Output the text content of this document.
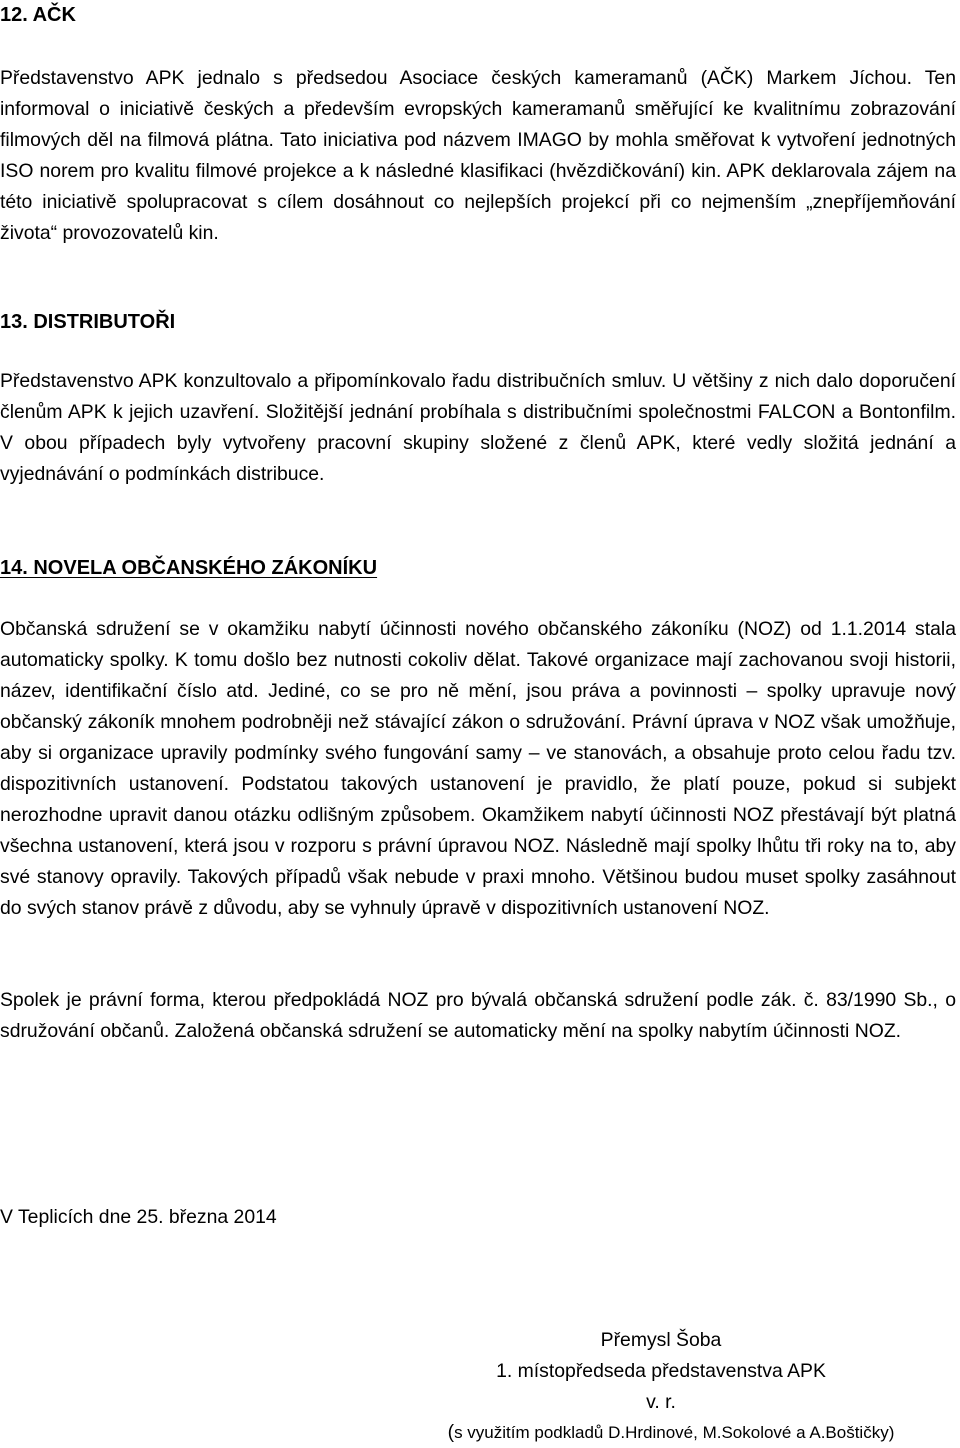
12. AČK

Představenstvo APK jednalo s předsedou Asociace českých kameramanů (AČK) Markem Jíchou. Ten informoval o iniciativě českých a především evropských kameramanů směřující ke kvalitnímu zobrazování filmových děl na filmová plátna. Tato iniciativa pod názvem IMAGO by mohla směřovat k vytvoření jednotných ISO norem pro kvalitu filmové projekce a k následné klasifikaci (hvězdičkování) kin. APK deklarovala zájem na této iniciativě spolupracovat s cílem dosáhnout co nejlepších projekcí při co nejmenším „znepříjemňování života“ provozovatelů kin.

13. DISTRIBUTOŘI

Představenstvo APK konzultovalo a připomínkovalo řadu distribučních smluv. U většiny z nich dalo doporučení členům APK k jejich uzavření. Složitější jednání probíhala s distribučními společnostmi FALCON a Bontonfilm. V obou případech byly vytvořeny pracovní skupiny složené z členů APK, které vedly složitá jednání a vyjednávání o podmínkách distribuce.

14. NOVELA OBČANSKÉHO ZÁKONÍKU

Občanská sdružení se v okamžiku nabytí účinnosti nového občanského zákoníku (NOZ) od 1.1.2014 stala automaticky spolky. K tomu došlo bez nutnosti cokoliv dělat. Takové organizace mají zachovanou svoji historii, název, identifikační číslo atd. Jediné, co se pro ně mění, jsou práva a povinnosti – spolky upravuje nový občanský zákoník mnohem podrobněji než stávající zákon o sdružování. Právní úprava v NOZ však umožňuje, aby si organizace upravily podmínky svého fungování samy – ve stanovách, a obsahuje proto celou řadu tzv. dispozitivních ustanovení. Podstatou takových ustanovení je pravidlo, že platí pouze, pokud si subjekt nerozhodne upravit danou otázku odlišným způsobem. Okamžikem nabytí účinnosti NOZ přestávají být platná všechna ustanovení, která jsou v rozporu s právní úpravou NOZ. Následně mají spolky lhůtu tři roky na to, aby své stanovy opravily. Takových případů však nebude v praxi mnoho. Většinou budou muset spolky zasáhnout do svých stanov právě z důvodu, aby se vyhnuly úpravě v dispozitivních ustanovení NOZ.

Spolek je právní forma, kterou předpokládá NOZ pro bývalá občanská sdružení podle zák. č. 83/1990 Sb., o sdružování občanů. Založená občanská sdružení se automaticky mění na spolky nabytím účinnosti NOZ.

V Teplicích dne 25. března 2014

Přemysl Šoba

1. místopředseda představenstva APK

v. r.

(s využitím podkladů D.Hrdinové, M.Sokolové a A.Boštičky)
